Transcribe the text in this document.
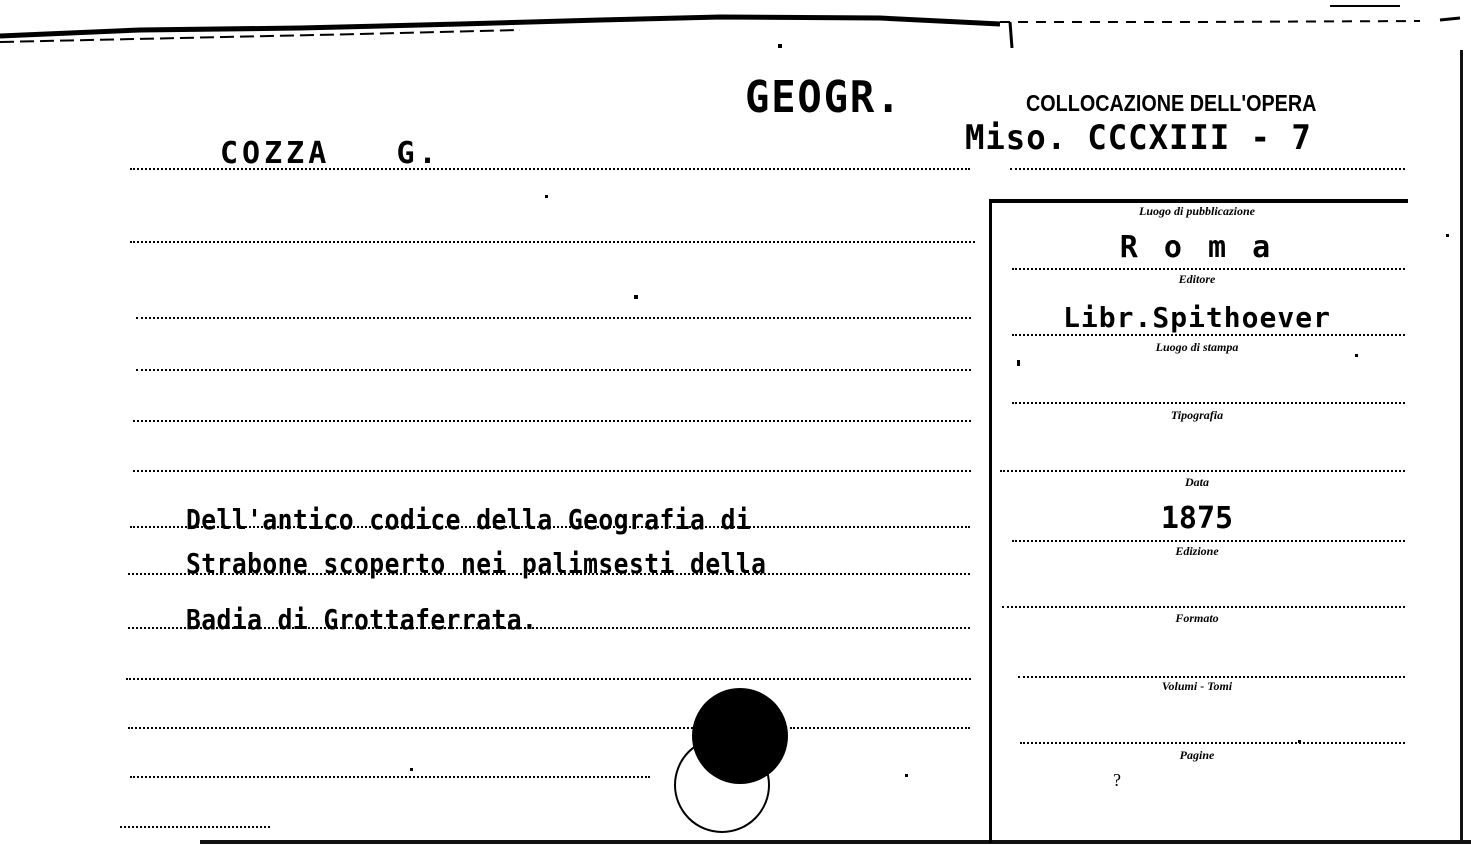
GEOGR.	COLLOCAZIONE DELL'OPERA
Miso. CCCXIII - 7
COZZA   G.
Dell'antico codice della Geografia di
Strabone scoperto nei palimsesti della
Badia di Grottaferrata.
Luogo di pubblicazione
R o m a
Editore
Libr.Spithoever
Luogo di stampa
Tipografia
Data
1875
Edizione
Formato
Volumi - Tomi
Pagine
?
